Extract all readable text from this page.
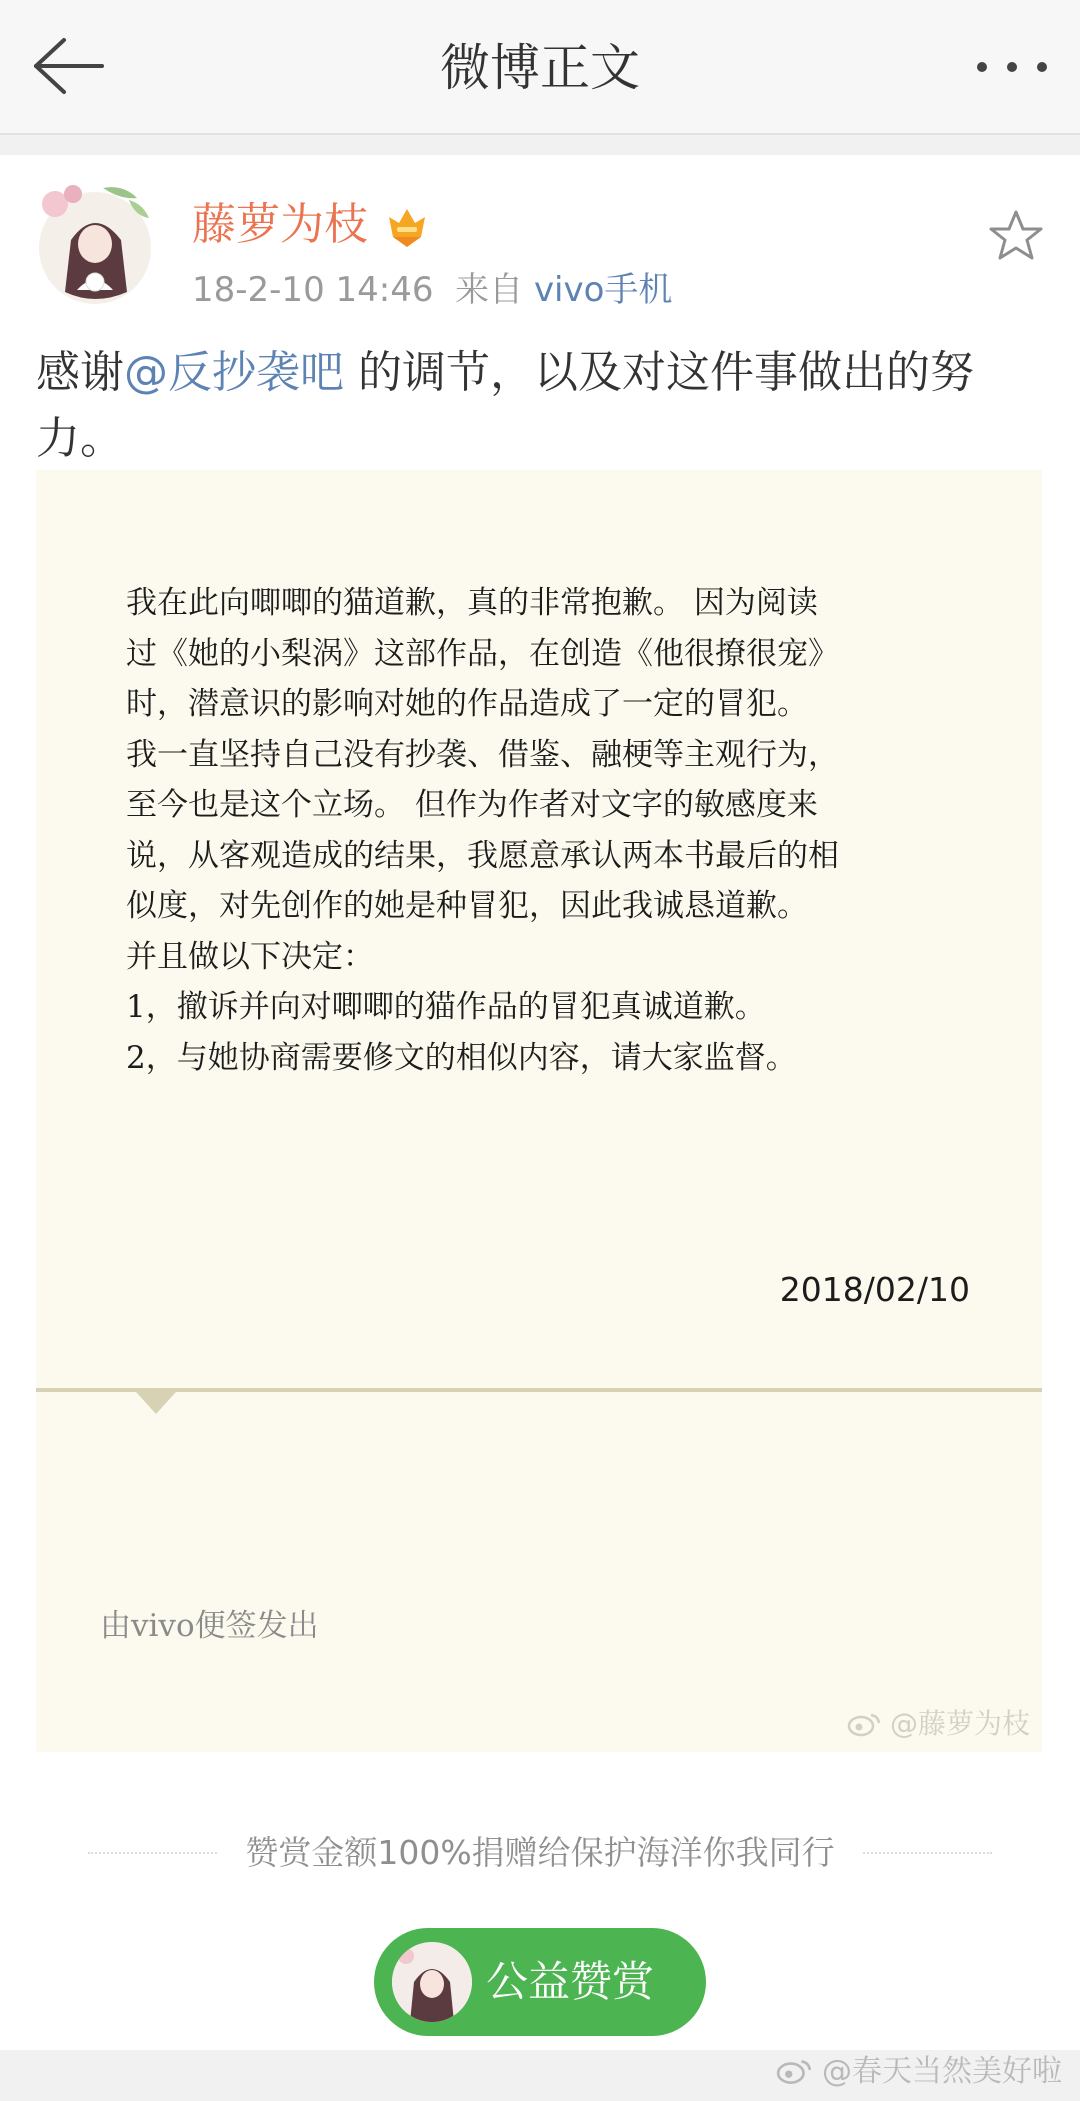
微博正文
藤萝为枝
18-2-10 14:46 来自 vivo手机
感谢@反抄袭吧 的调节，以及对这件事做出的努力。

我在此向唧唧的猫道歉，真的非常抱歉。 因为阅读

过《她的小梨涡》这部作品，在创造《他很撩很宠》

时，潜意识的影响对她的作品造成了一定的冒犯。

我一直坚持自己没有抄袭、借鉴、融梗等主观行为，

至今也是这个立场。 但作为作者对文字的敏感度来

说，从客观造成的结果，我愿意承认两本书最后的相

似度，对先创作的她是种冒犯，因此我诚恳道歉。

并且做以下决定：

1，撤诉并向对唧唧的猫作品的冒犯真诚道歉。

2，与她协商需要修文的相似内容，请大家监督。

2018/02/10
由vivo便签发出
@藤萝为枝
赞赏金额100%捐赠给保护海洋你我同行
公益赞赏
@春天当然美好啦
